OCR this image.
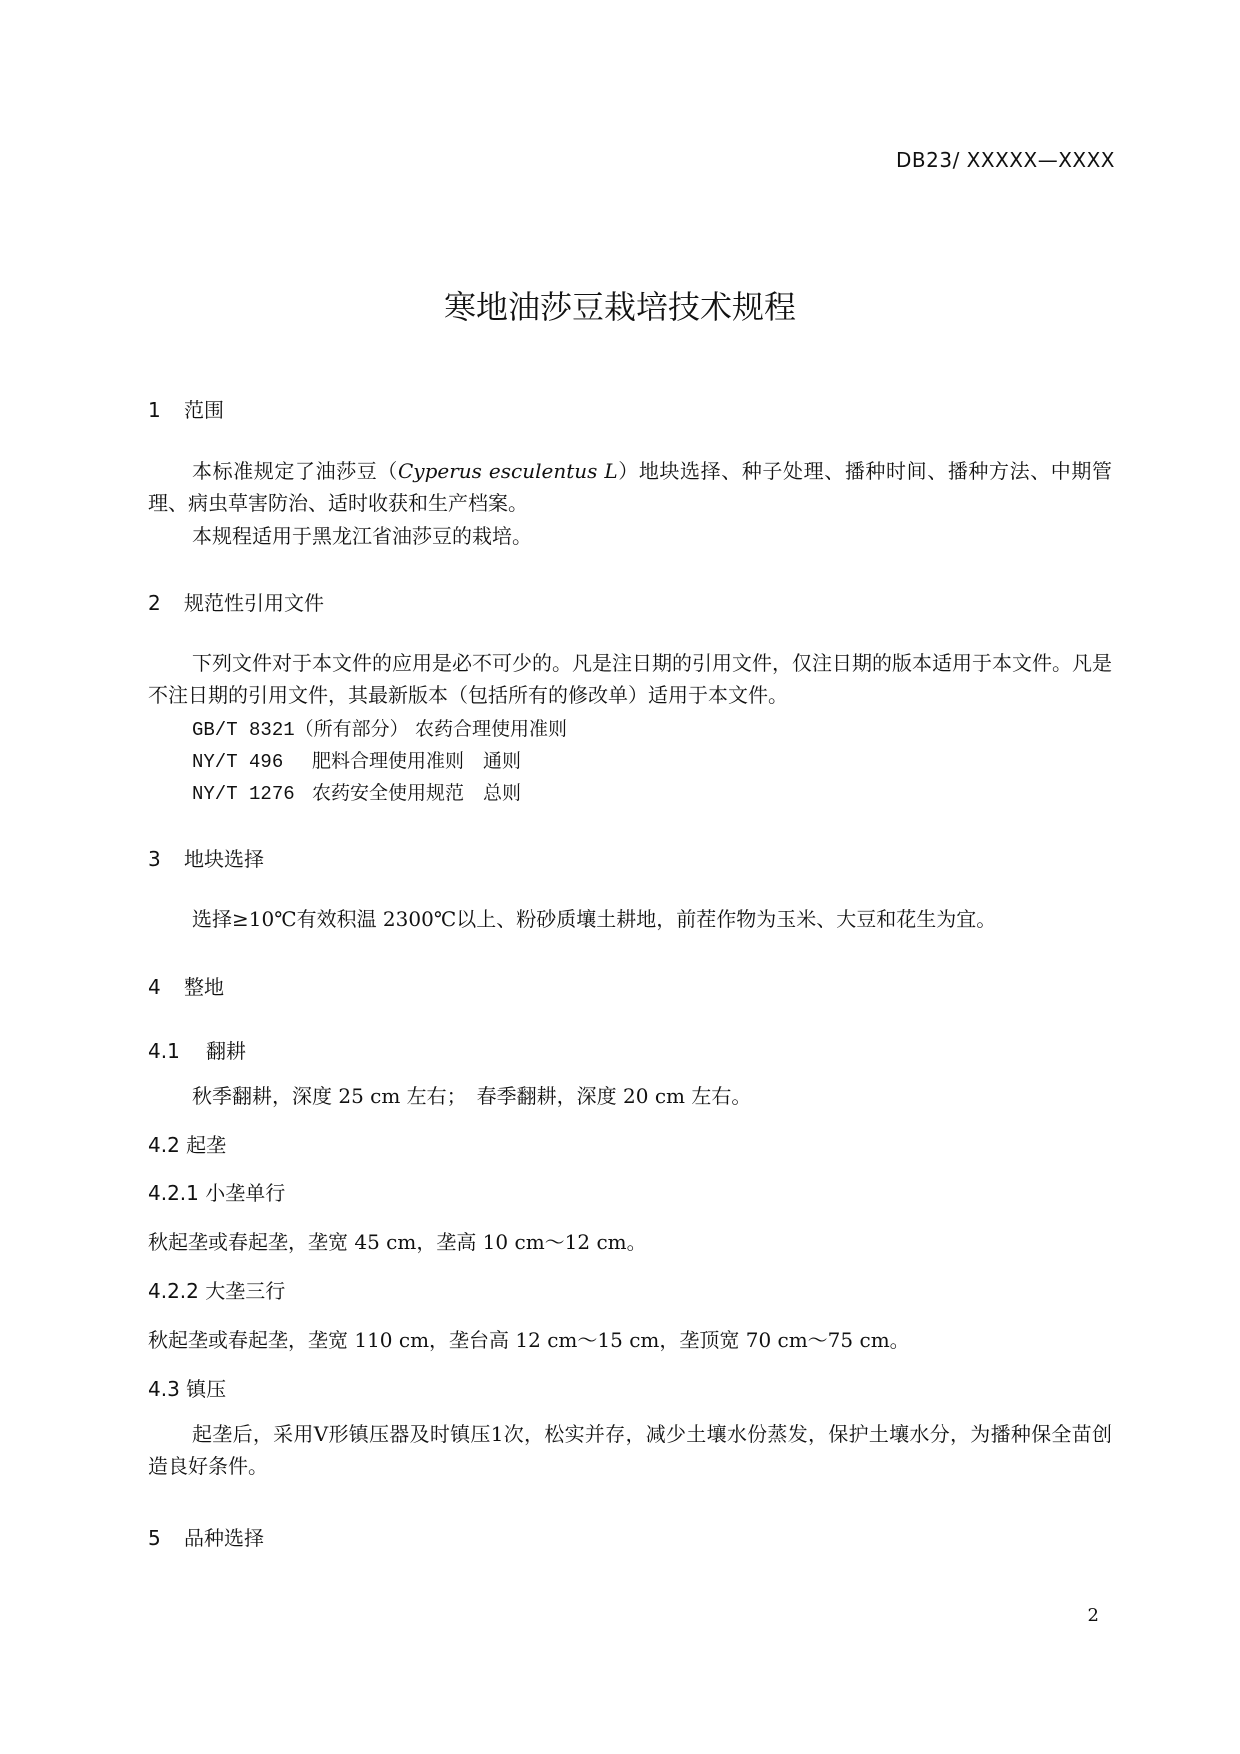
DB23/ XXXXX—XXXX
寒地油莎豆栽培技术规程
1 范围
本标准规定了油莎豆（Cyperus esculentus L）地块选择、种子处理、播种时间、播种方法、中期管理、病虫草害防治、适时收获和生产档案。
本规程适用于黑龙江省油莎豆的栽培。
2 规范性引用文件
下列文件对于本文件的应用是必不可少的。凡是注日期的引用文件，仅注日期的版本适用于本文件。凡是不注日期的引用文件，其最新版本（包括所有的修改单）适用于本文件。
GB/T 8321（所有部分） 农药合理使用准则
NY/T 496 肥料合理使用准则　通则
NY/T 1276 农药安全使用规范　总则
3 地块选择
选择≥10℃有效积温 2300℃以上、粉砂质壤土耕地，前茬作物为玉米、大豆和花生为宜。
4 整地
4.1 翻耕
秋季翻耕，深度 25 cm 左右；　春季翻耕，深度 20 cm 左右。
4.2 起垄
4.2.1 小垄单行
秋起垄或春起垄，垄宽 45 cm，垄高 10 cm～12 cm。
4.2.2 大垄三行
秋起垄或春起垄，垄宽 110 cm，垄台高 12 cm～15 cm，垄顶宽 70 cm～75 cm。
4.3 镇压
起垄后，采用V形镇压器及时镇压1次，松实并存，减少土壤水份蒸发，保护土壤水分，为播种保全苗创造良好条件。
5 品种选择
2
